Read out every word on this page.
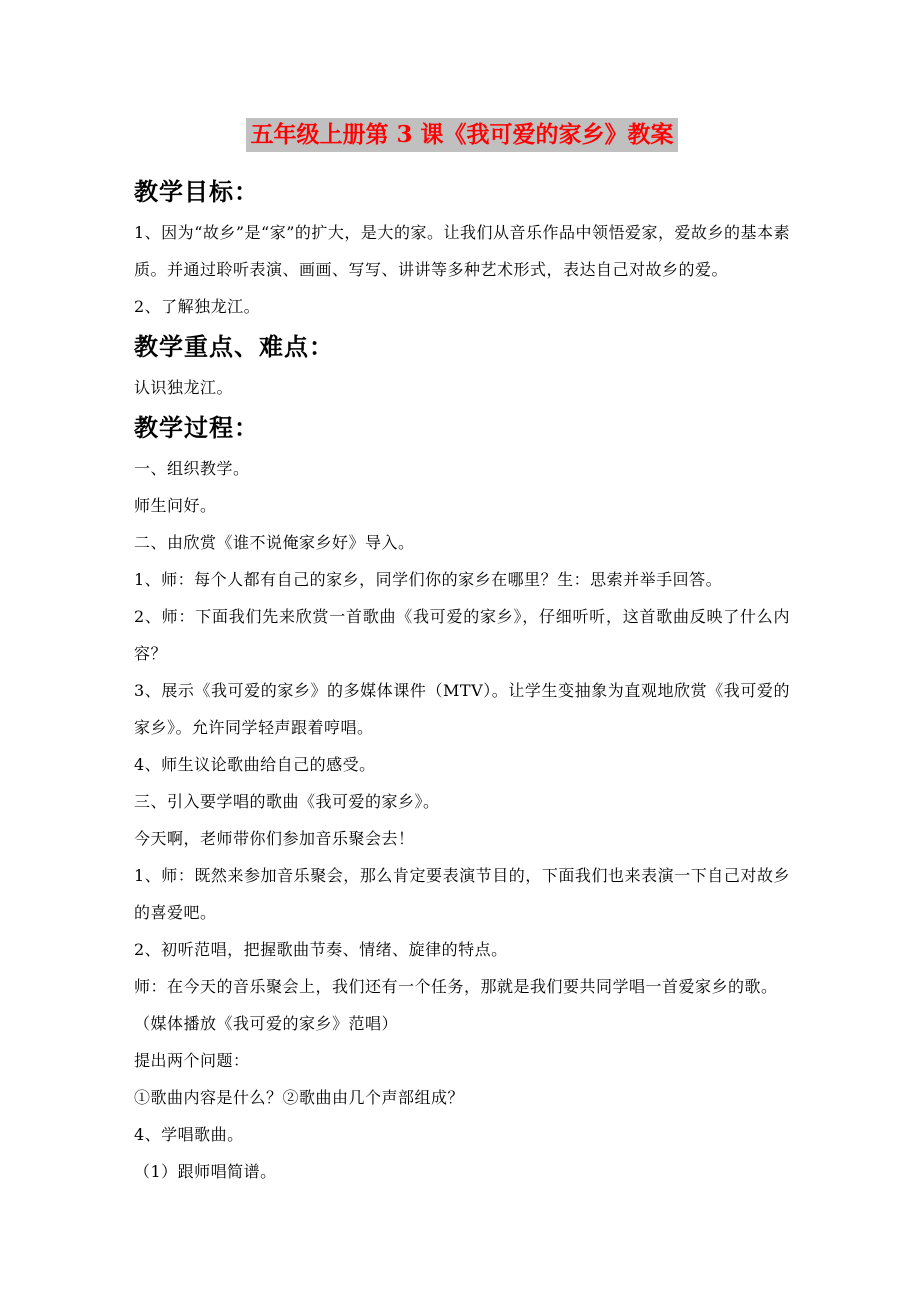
五年级上册第 3 课《我可爱的家乡》教案
教学目标：

1、因为“故乡”是“家”的扩大，是大的家。让我们从音乐作品中领悟爱家，爱故乡的基本素质。并通过聆听表演、画画、写写、讲讲等多种艺术形式，表达自己对故乡的爱。

2、了解独龙江。

教学重点、难点：

认识独龙江。

教学过程：

一、组织教学。

师生问好。

二、由欣赏《谁不说俺家乡好》导入。

1、师：每个人都有自己的家乡，同学们你的家乡在哪里？生：思索并举手回答。

2、师：下面我们先来欣赏一首歌曲《我可爱的家乡》，仔细听听，这首歌曲反映了什么内容？

3、展示《我可爱的家乡》的多媒体课件（MTV）。让学生变抽象为直观地欣赏《我可爱的家乡》。允许同学轻声跟着哼唱。

4、师生议论歌曲给自己的感受。

三、引入要学唱的歌曲《我可爱的家乡》。

今天啊，老师带你们参加音乐聚会去！

1、师：既然来参加音乐聚会，那么肯定要表演节目的，下面我们也来表演一下自己对故乡的喜爱吧。

2、初听范唱，把握歌曲节奏、情绪、旋律的特点。

师：在今天的音乐聚会上，我们还有一个任务，那就是我们要共同学唱一首爱家乡的歌。

（媒体播放《我可爱的家乡》范唱）

提出两个问题：

①歌曲内容是什么？②歌曲由几个声部组成？

4、学唱歌曲。

（1）跟师唱简谱。
